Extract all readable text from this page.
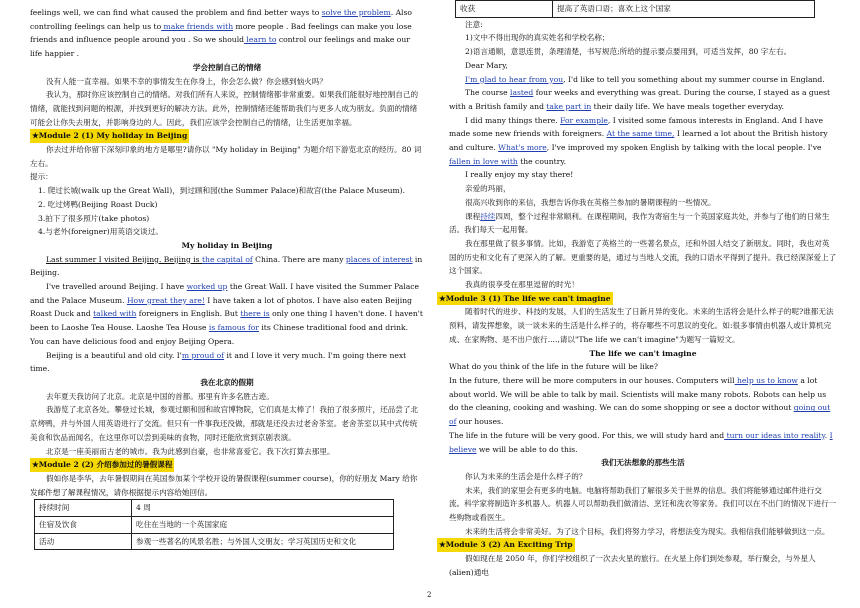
feelings well, we can find what caused the problem and find better ways to solve the problem. Also controlling feelings can help us to make friends with more people . Bad feelings can make you lose friends and influence people around you . So we should learn to control our feelings and make our life happier .

学会控制自己的情绪

没有人能一直幸福。如果不幸的事情发生在你身上，你会怎么做？你会感到恼火吗？

我认为，那时你应该控制自己的情绪。对我们所有人来说，控制情绪都非常重要。如果我们能很好地控制自己的情绪，就能找到问题的根源，并找到更好的解决方法。此外，控制情绪还能帮助我们与更多人成为朋友。负面的情绪可能会让你失去朋友，并影响身边的人。因此，我们应该学会控制自己的情绪，让生活更加幸福。

★Module 2 (1) My holiday in Beijing

你去过并给你留下深刻印象的地方是哪里?请你以 "My holiday in Beijing" 为题介绍下游览北京的经历。80 词左右。

提示：

1. 爬过长城(walk up the Great Wall)，到过顾和园(the Summer Palace)和故宫(the Palace Museum).

2. 吃过烤鸭(Beijing Roast Duck)

3.拍下了很多照片(take photos)

4.与老外(foreigner)用英语交谈过。

My holiday in Beijing

Last summer I visited Beijing. Beijing is the capital of China. There are many places of interest in Beijing.

I've travelled around Beijing. I have worked up the Great Wall. I have visited the Summer Palace and the Palace Museum. How great they are! I have taken a lot of photos. I have also eaten Beijing Roast Duck and talked with foreigners in English. But there is only one thing I haven't done. I haven't been to Laoshe Tea House. Laoshe Tea House is famous for its Chinese traditional food and drink. You can have delicious food and enjoy Beijing Opera.

Beijing is a beautiful and old city. I'm proud of it and I love it very much. I'm going there next time.

我在北京的假期

去年夏天我访问了北京。北京是中国的首都。那里有许多名胜古迹。

我游览了北京各处。攀登过长城，参观过颐和园和故宫博物院，它们真是太棒了！我拍了很多照片，还品尝了北京烤鸭，并与外国人用英语进行了交流。但只有一件事我还没做，那就是还没去过老舍茶室。老舍茶室以其中式传统美食和饮品而闻名，在这里你可以尝到美味的食物，同时还能欣赏到京剧表演。

北京是一座美丽而古老的城市。我为此感到自豪，也非常喜爱它。我下次打算去那里。

★Module 2 (2) 介绍参加过的暑假课程

假如你是李华，去年暑假期间在英国参加某个学校开设的暑假课程(summer course)，你的好朋友 Mary 给你发邮件想了解课程情况，请你根据提示内容给她回信。

持续时间	4 周
住宿及饮食	吃住在当地的一个英国家庭
活动	参观一些著名的风景名胜；与外国人交朋友；学习英国历史和文化
收获	提高了英语口语；喜欢上这个国家

注意:

1)文中不得出现你的真实姓名和学校名称；

2)语言通顺，意思连贯，条理清楚，书写规范;所给的提示要点要用到，可适当发挥，80 字左右。

Dear Mary,

I'm glad to hear from you, I'd like to tell you something about my summer course in England.

The course lasted four weeks and everything was great. During the course, I stayed as a guest with a British family and take part in their daily life. We have meals together everyday.

I did many things there. For example, I visited some famous interests in England. And I have made some new friends with foreigners. At the same time, I learned a lot about the British history and culture. What's more, I've improved my spoken English by talking with the local people. I've fallen in love with the country.

I really enjoy my stay there!

亲爱的玛丽，

很高兴收到你的来信，我想告诉你我在英格兰参加的暑期课程的一些情况。

课程持续四周，整个过程非常顺利。在课程期间，我作为寄宿生与一个英国家庭共处，并参与了他们的日常生活。我们每天一起用餐。

我在那里做了很多事情。比如，我游览了英格兰的一些著名景点，还和外国人结交了新朋友。同时，我也对英国的历史和文化有了更深入的了解。更重要的是，通过与当地人交流，我的口语水平得到了提升。我已经深深爱上了这个国家。

我真的很享受在那里逗留的时光！

★Module 3 (1) The life we can't imagine

随着时代的进步、科技的发展，人们的生活发生了日新月异的变化。未来的生活将会是什么样子的呢?谁都无法预料，请发挥想象，谈一谈未来的生活是什么样子的，将存哪些不可思议的变化。如:很多事情由机器人或计算机完成、在家购物、是不出户旅行....,请以"The life we can't imagine"为题写一篇短文。

The life we can't imagine

What do you think of the life in the future will be like?

In the future, there will be more computers in our houses. Computers will help us to know a lot about world. We will be able to talk by mail. Scientists will make many robots. Robots can help us do the cleaning, cooking and washing. We can do some shopping or see a doctor without going out of our houses.

The life in the future will be very good. For this, we will study hard and turn our ideas into reality. I believe we will be able to do this.

我们无法想象的那些生活

你认为未来的生活会是什么样子的？

未来，我们的家里会有更多的电脑。电脑将帮助我们了解很多关于世界的信息。我们将能够通过邮件进行交流。科学家将制造许多机器人。机器人可以帮助我们做清洁、烹饪和洗衣等家务。我们可以在不出门的情况下进行一些购物或看医生。

未来的生活将会非常美好。为了这个目标，我们将努力学习，将想法变为现实。我相信我们能够做到这一点。

★Module 3 (2) An Exciting Trip

假如现在是 2050 年，你们学校组织了一次去火星的旅行。在火星上你们到处参观，举行聚会，与外星人(alien)通电

2
